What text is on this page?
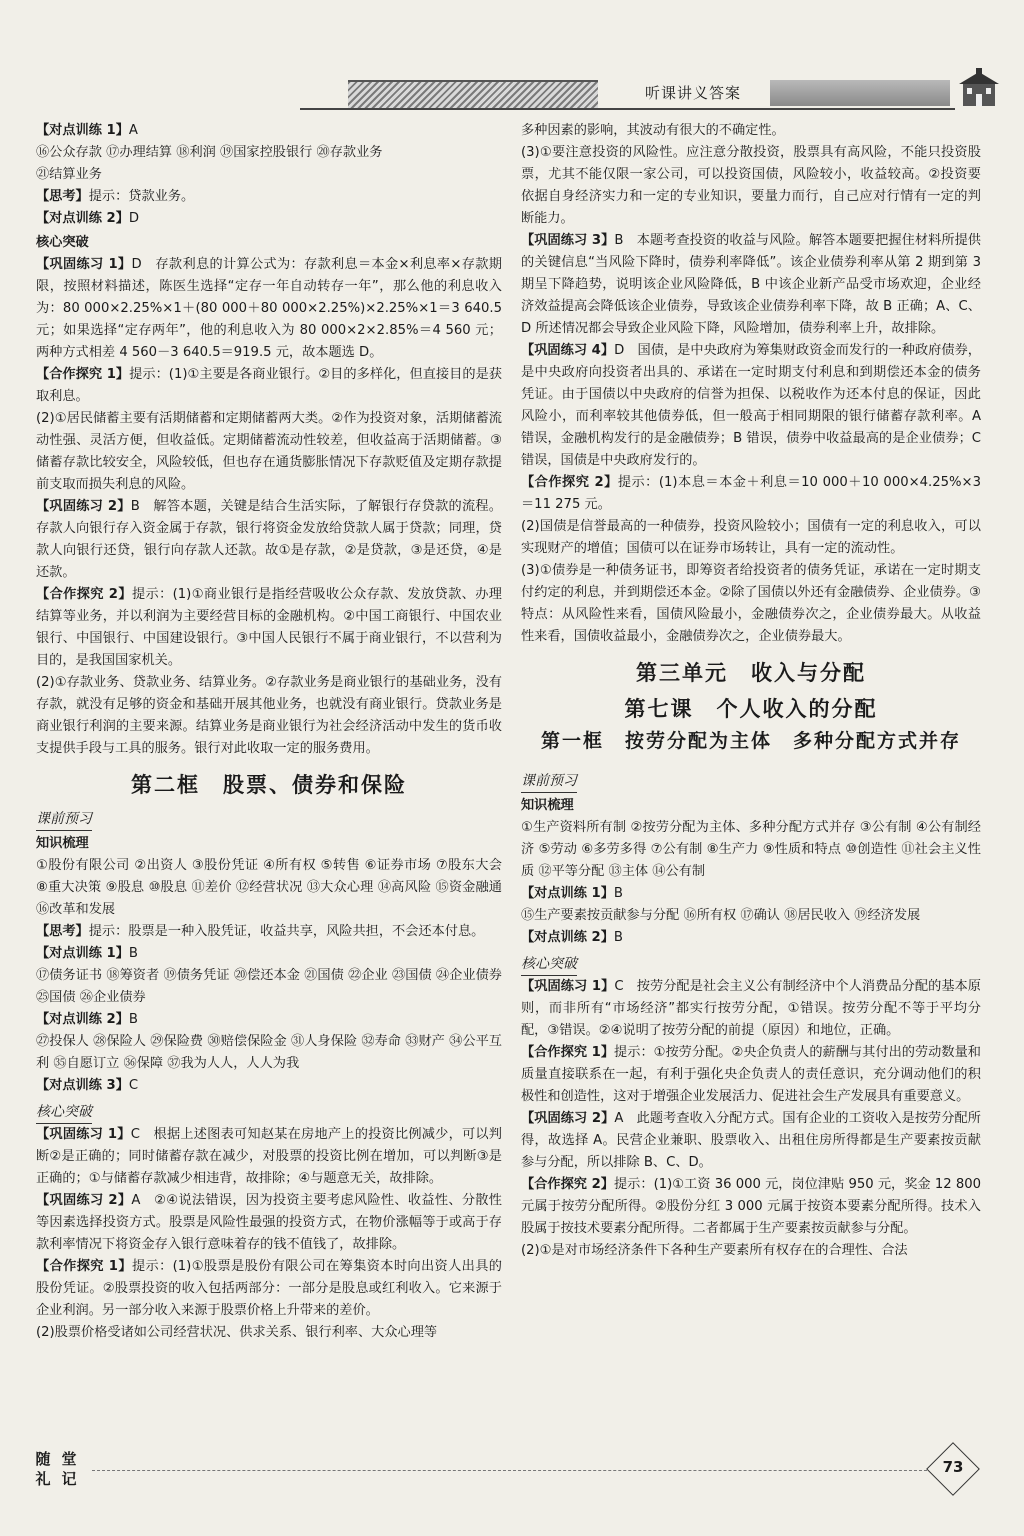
听课讲义答案

【对点训练 1】A

⑯公众存款 ⑰办理结算 ⑱利润 ⑲国家控股银行 ⑳存款业务

㉑结算业务

【思考】提示：贷款业务。

【对点训练 2】D

核心突破

【巩固练习 1】D　存款利息的计算公式为：存款利息＝本金×利息率×存款期限，按照材料描述，陈医生选择“定存一年自动转存一年”，那么他的利息收入为：80 000×2.25%×1＋(80 000＋80 000×2.25%)×2.25%×1＝3 640.5 元；如果选择“定存两年”，他的利息收入为 80 000×2×2.85%＝4 560 元；两种方式相差 4 560－3 640.5＝919.5 元，故本题选 D。

【合作探究 1】提示：(1)①主要是各商业银行。②目的多样化，但直接目的是获取利息。

(2)①居民储蓄主要有活期储蓄和定期储蓄两大类。②作为投资对象，活期储蓄流动性强、灵活方便，但收益低。定期储蓄流动性较差，但收益高于活期储蓄。③储蓄存款比较安全，风险较低，但也存在通货膨胀情况下存款贬值及定期存款提前支取而损失利息的风险。

【巩固练习 2】B　解答本题，关键是结合生活实际，了解银行存贷款的流程。存款人向银行存入资金属于存款，银行将资金发放给贷款人属于贷款；同理，贷款人向银行还贷，银行向存款人还款。故①是存款，②是贷款，③是还贷，④是还款。

【合作探究 2】提示：(1)①商业银行是指经营吸收公众存款、发放贷款、办理结算等业务，并以利润为主要经营目标的金融机构。②中国工商银行、中国农业银行、中国银行、中国建设银行。③中国人民银行不属于商业银行，不以营利为目的，是我国国家机关。

(2)①存款业务、贷款业务、结算业务。②存款业务是商业银行的基础业务，没有存款，就没有足够的资金和基础开展其他业务，也就没有商业银行。贷款业务是商业银行利润的主要来源。结算业务是商业银行为社会经济活动中发生的货币收支提供手段与工具的服务。银行对此收取一定的服务费用。

第二框　股票、债券和保险
课前预习
知识梳理

①股份有限公司 ②出资人 ③股份凭证 ④所有权 ⑤转售 ⑥证券市场 ⑦股东大会 ⑧重大决策 ⑨股息 ⑩股息 ⑪差价 ⑫经营状况 ⑬大众心理 ⑭高风险 ⑮资金融通 ⑯改革和发展

【思考】提示：股票是一种入股凭证，收益共享，风险共担，不会还本付息。

【对点训练 1】B

⑰债务证书 ⑱筹资者 ⑲债务凭证 ⑳偿还本金 ㉑国债 ㉒企业 ㉓国债 ㉔企业债券 ㉕国债 ㉖企业债券

【对点训练 2】B

㉗投保人 ㉘保险人 ㉙保险费 ㉚赔偿保险金 ㉛人身保险 ㉜寿命 ㉝财产 ㉞公平互利 ㉟自愿订立 ㊱保障 ㊲我为人人，人人为我

【对点训练 3】C

核心突破

【巩固练习 1】C　根据上述图表可知赵某在房地产上的投资比例减少，可以判断②是正确的；同时储蓄存款在减少，对股票的投资比例在增加，可以判断③是正确的；①与储蓄存款减少相违背，故排除；④与题意无关，故排除。

【巩固练习 2】A　②④说法错误，因为投资主要考虑风险性、收益性、分散性等因素选择投资方式。股票是风险性最强的投资方式，在物价涨幅等于或高于存款利率情况下将资金存入银行意味着存的钱不值钱了，故排除。

【合作探究 1】提示：(1)①股票是股份有限公司在筹集资本时向出资人出具的股份凭证。②股票投资的收入包括两部分：一部分是股息或红利收入。它来源于企业利润。另一部分收入来源于股票价格上升带来的差价。

(2)股票价格受诸如公司经营状况、供求关系、银行利率、大众心理等

多种因素的影响，其波动有很大的不确定性。

(3)①要注意投资的风险性。应注意分散投资，股票具有高风险，不能只投资股票，尤其不能仅限一家公司，可以投资国债，风险较小，收益较高。②投资要依据自身经济实力和一定的专业知识，要量力而行，自己应对行情有一定的判断能力。

【巩固练习 3】B　本题考查投资的收益与风险。解答本题要把握住材料所提供的关键信息“当风险下降时，债券利率降低”。该企业债券利率从第 2 期到第 3 期呈下降趋势，说明该企业风险降低，B 中该企业新产品受市场欢迎，企业经济效益提高会降低该企业债券，导致该企业债券利率下降，故 B 正确；A、C、D 所述情况都会导致企业风险下降，风险增加，债券利率上升，故排除。

【巩固练习 4】D　国债，是中央政府为筹集财政资金而发行的一种政府债券，是中央政府向投资者出具的、承诺在一定时期支付利息和到期偿还本金的债务凭证。由于国债以中央政府的信誉为担保、以税收作为还本付息的保证，因此风险小，而利率较其他债券低，但一般高于相同期限的银行储蓄存款利率。A 错误，金融机构发行的是金融债券；B 错误，债券中收益最高的是企业债券；C 错误，国债是中央政府发行的。

【合作探究 2】提示：(1)本息＝本金＋利息＝10 000＋10 000×4.25%×3＝11 275 元。

(2)国债是信誉最高的一种债券，投资风险较小；国债有一定的利息收入，可以实现财产的增值；国债可以在证券市场转让，具有一定的流动性。

(3)①债券是一种债务证书，即筹资者给投资者的债务凭证，承诺在一定时期支付约定的利息，并到期偿还本金。②除了国债以外还有金融债券、企业债券。③特点：从风险性来看，国债风险最小，金融债券次之，企业债券最大。从收益性来看，国债收益最小，金融债券次之，企业债券最大。

第三单元　收入与分配
第七课　个人收入的分配
第一框　按劳分配为主体　多种分配方式并存
课前预习
知识梳理

①生产资料所有制 ②按劳分配为主体、多种分配方式并存 ③公有制 ④公有制经济 ⑤劳动 ⑥多劳多得 ⑦公有制 ⑧生产力 ⑨性质和特点 ⑩创造性 ⑪社会主义性质 ⑫平等分配 ⑬主体 ⑭公有制

【对点训练 1】B

⑮生产要素按贡献参与分配 ⑯所有权 ⑰确认 ⑱居民收入 ⑲经济发展

【对点训练 2】B

核心突破

【巩固练习 1】C　按劳分配是社会主义公有制经济中个人消费品分配的基本原则，而非所有“市场经济”都实行按劳分配，①错误。按劳分配不等于平均分配，③错误。②④说明了按劳分配的前提（原因）和地位，正确。

【合作探究 1】提示：①按劳分配。②央企负责人的薪酬与其付出的劳动数量和质量直接联系在一起，有利于强化央企负责人的责任意识，充分调动他们的积极性和创造性，这对于增强企业发展活力、促进社会生产发展具有重要意义。

【巩固练习 2】A　此题考查收入分配方式。国有企业的工资收入是按劳分配所得，故选择 A。民营企业兼职、股票收入、出租住房所得都是生产要素按贡献参与分配，所以排除 B、C、D。

【合作探究 2】提示：(1)①工资 36 000 元，岗位津贴 950 元，奖金 12 800 元属于按劳分配所得。②股份分红 3 000 元属于按资本要素分配所得。技术入股属于按技术要素分配所得。二者都属于生产要素按贡献参与分配。

(2)①是对市场经济条件下各种生产要素所有权存在的合理性、合法

随 堂
礼 记
73
